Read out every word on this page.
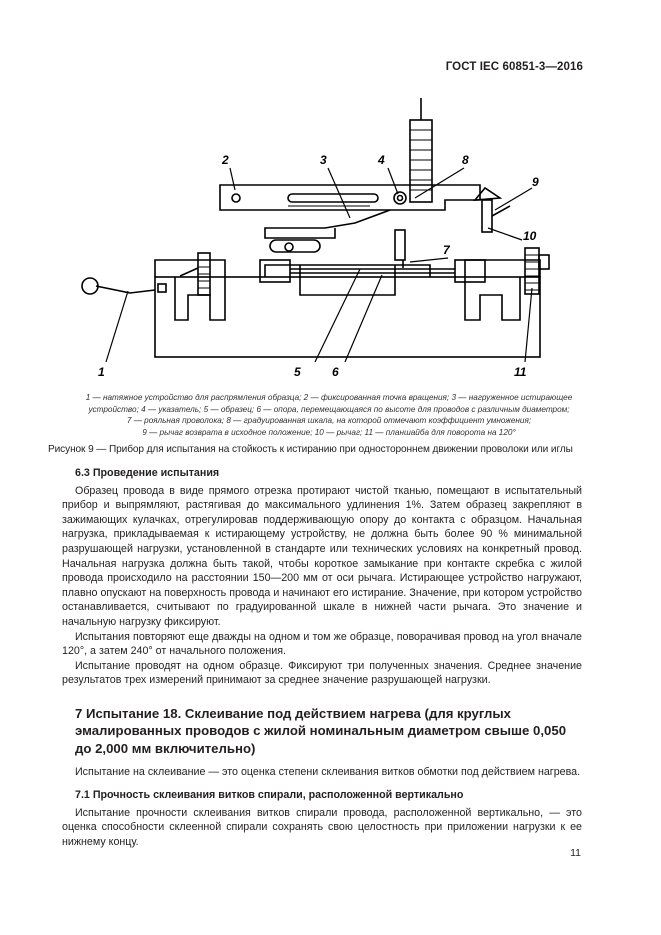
ГОСТ IEC 60851-3—2016
1
2	3	4
5	6
7
8
9
10
11
1 — натяжное устройство для распрямления образца; 2 — фиксированная точка вращения; 3 — нагруженное истирающее
устройство; 4 — указатель; 5 — образец; 6 — опора, перемещающаяся по высоте для проводов с различным диаметром;
7 — рояльная проволока; 8 — градуированная шкала, на которой отмечают коэффициент умножения;
9 — рычаг возврата в исходное положение; 10 — рычаг; 11 — планшайба для поворота на 120°
Рисунок 9 — Прибор для испытания на стойкость к истиранию при одностороннем движении проволоки или иглы
6.3 Проведение испытания

Образец провода в виде прямого отрезка протирают чистой тканью, помещают в испытательный прибор и выпрямляют, растягивая до максимального удлинения 1%. Затем образец закрепляют в зажимающих кулачках, отрегулировав поддерживающую опору до контакта с образцом. Начальная нагрузка, прикладываемая к истирающему устройству, не должна быть более 90 % минимальной разрушающей нагрузки, установленной в стандарте или технических условиях на конкретный провод. Начальная нагрузка должна быть такой, чтобы короткое замыкание при контакте скребка с жилой провода происходило на расстоянии 150—200 мм от оси рычага. Истирающее устройство нагружают, плавно опускают на поверхность провода и начинают его истирание. Значение, при котором устройство останавливается, считывают по градуированной шкале в нижней части рычага. Это значение и начальную нагрузку фиксируют.

Испытания повторяют еще дважды на одном и том же образце, поворачивая провод на угол вначале 120°, а затем 240° от начального положения.

Испытание проводят на одном образце. Фиксируют три полученных значения. Среднее значение результатов трех измерений принимают за среднее значение разрушающей нагрузки.

7 Испытание 18. Склеивание под действием нагрева (для круглых эмалированных проводов с жилой номинальным диаметром свыше 0,050 до 2,000 мм включительно)

Испытание на склеивание — это оценка степени склеивания витков обмотки под действием нагрева.

7.1 Прочность склеивания витков спирали, расположенной вертикально

Испытание прочности склеивания витков спирали провода, расположенной вертикально, — это оценка способности склеенной спирали сохранять свою целостность при приложении нагрузки к ее нижнему концу.

11
